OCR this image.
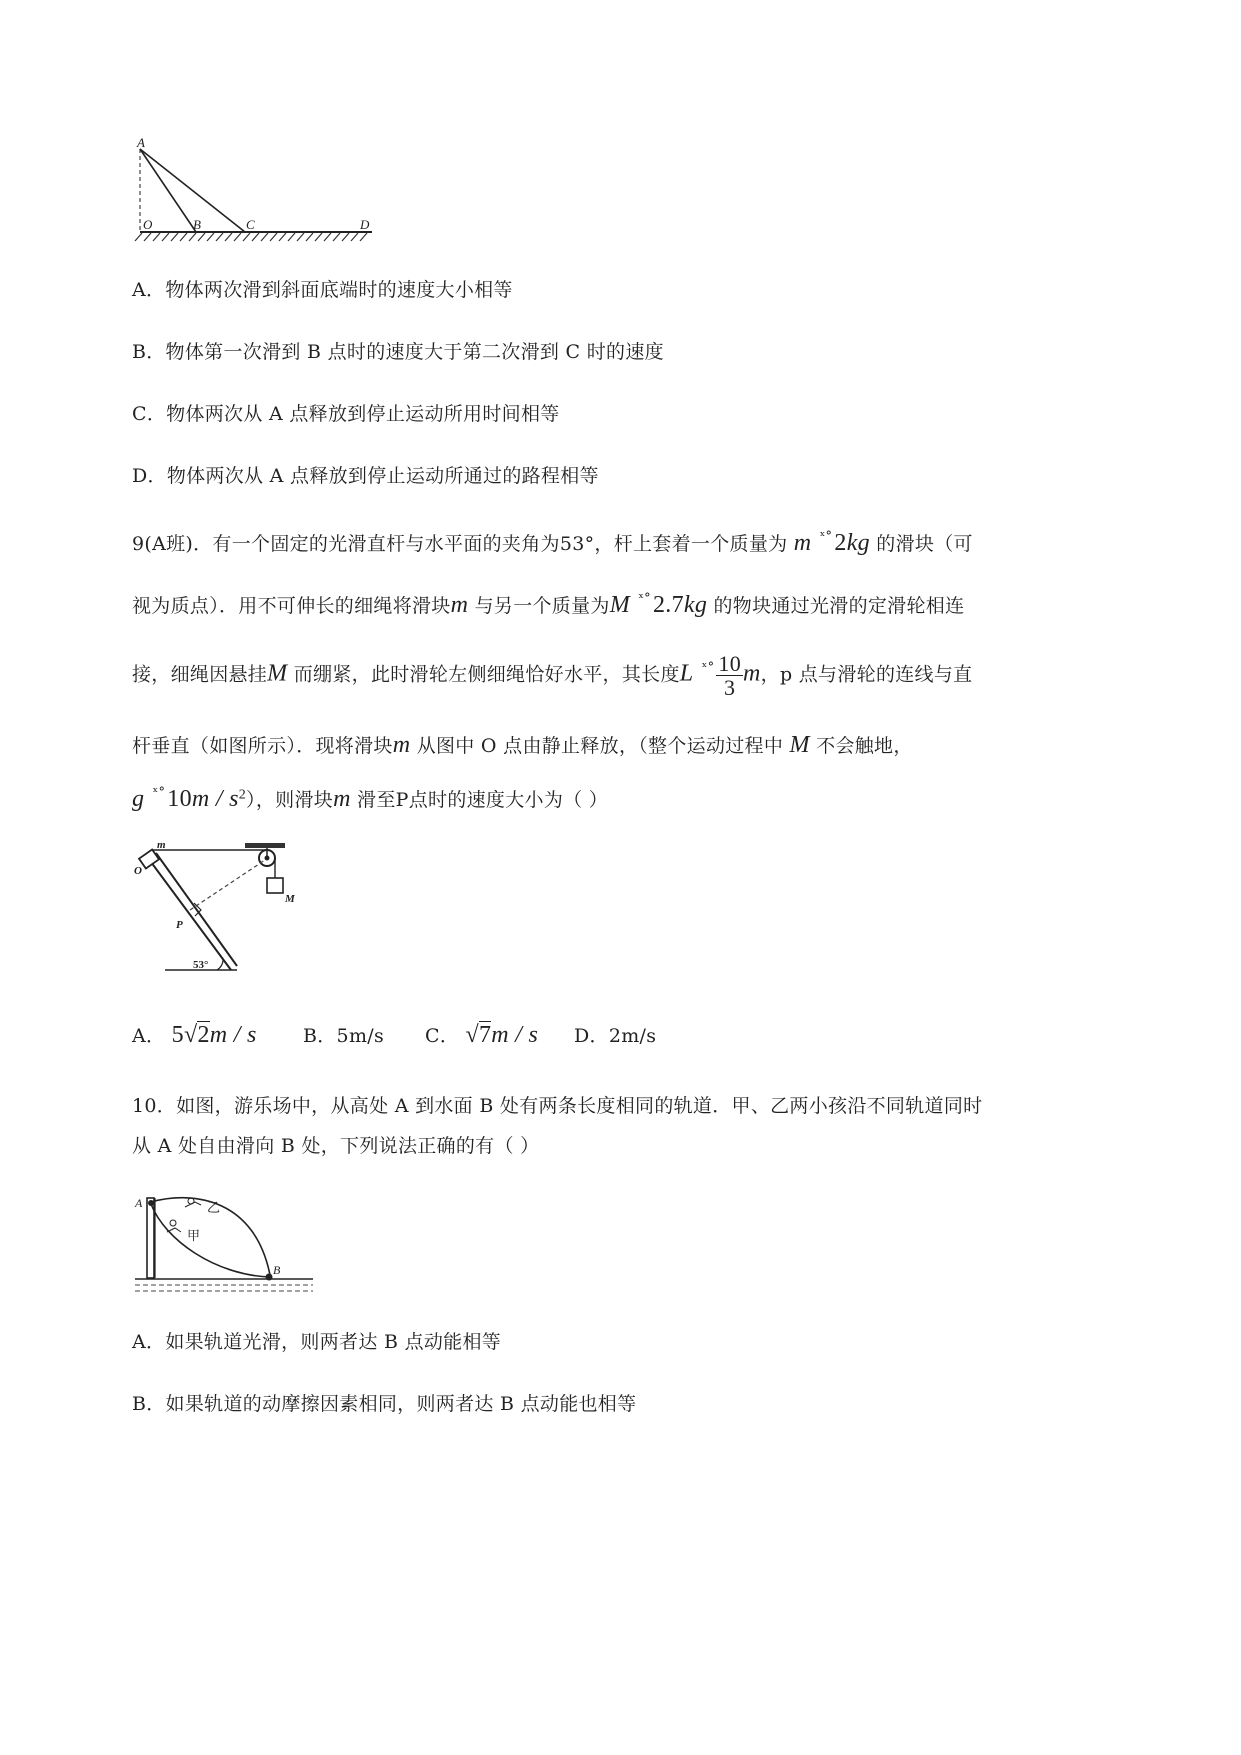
A
O	B	C	D
A．物体两次滑到斜面底端时的速度大小相等
B．物体第一次滑到 B 点时的速度大于第二次滑到 C 时的速度
C．物体两次从 A 点释放到停止运动所用时间相等
D．物体两次从 A 点释放到停止运动所通过的路程相等
9(A班)．有一个固定的光滑直杆与水平面的夹角为53°，杆上套着一个质量为 m $^{ˣ^\circ}$2kg 的滑块（可
视为质点）．用不可伸长的细绳将滑块m 与另一个质量为M $^{ˣ^\circ}$2.7kg 的物块通过光滑的定滑轮相连
接，细绳因悬挂M 而绷紧，此时滑轮左侧细绳恰好水平，其长度L $^{ˣ^\circ} \frac{10}{3}$ m，p 点与滑轮的连线与直
杆垂直（如图所示）．现将滑块m 从图中 O 点由静止释放，（整个运动过程中 M 不会触地，
g $^{ˣ^\circ}10m / s^2$），则滑块m 滑至P点时的速度大小为（ ）
m
O
M
P
53°
A． 5√2m / s B．5m/s C． √7m / s D．2m/s
10．如图，游乐场中，从高处 A 到水面 B 处有两条长度相同的轨道．甲、乙两小孩沿不同轨道同时
从 A 处自由滑向 B 处，下列说法正确的有（ ）
A
B
乙
甲
A．如果轨道光滑，则两者达 B 点动能相等
B．如果轨道的动摩擦因素相同，则两者达 B 点动能也相等
